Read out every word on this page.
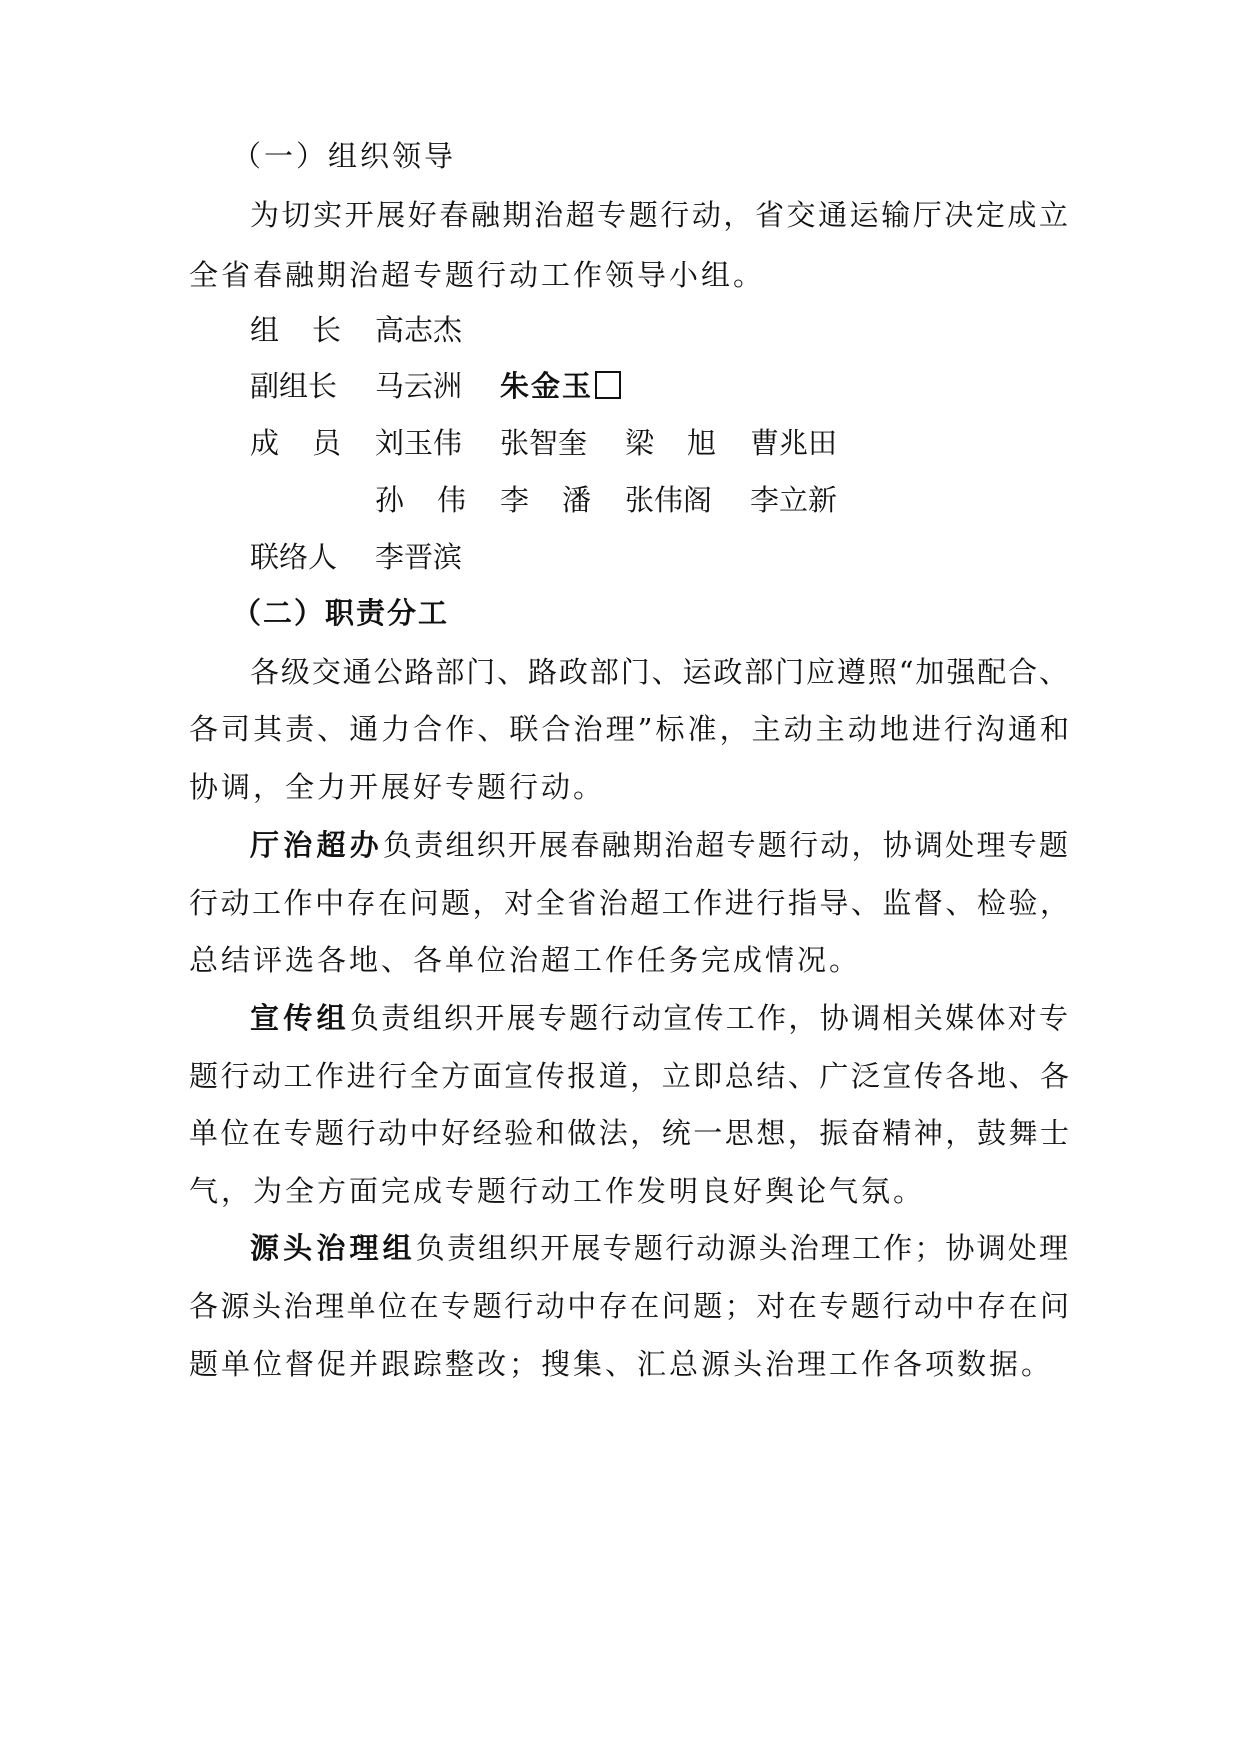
（一）组织领导
为切实开展好春融期治超专题行动，省交通运输厅决定成立
全省春融期治超专题行动工作领导小组。
组长 高志杰
副组长 马云洲 朱金玉
成员 刘玉伟 张智奎 梁旭 曹兆田
孙伟 李潘 张伟阁 李立新
联络人 李晋滨
（二）职责分工
各级交通公路部门、路政部门、运政部门应遵照“加强配合、
各司其责、通力合作、联合治理”标准，主动主动地进行沟通和
协调，全力开展好专题行动。
厅治超办负责组织开展春融期治超专题行动，协调处理专题
行动工作中存在问题，对全省治超工作进行指导、监督、检验，
总结评选各地、各单位治超工作任务完成情况。
宣传组负责组织开展专题行动宣传工作，协调相关媒体对专
题行动工作进行全方面宣传报道，立即总结、广泛宣传各地、各
单位在专题行动中好经验和做法，统一思想，振奋精神，鼓舞士
气，为全方面完成专题行动工作发明良好舆论气氛。
源头治理组负责组织开展专题行动源头治理工作；协调处理
各源头治理单位在专题行动中存在问题；对在专题行动中存在问
题单位督促并跟踪整改；搜集、汇总源头治理工作各项数据。
